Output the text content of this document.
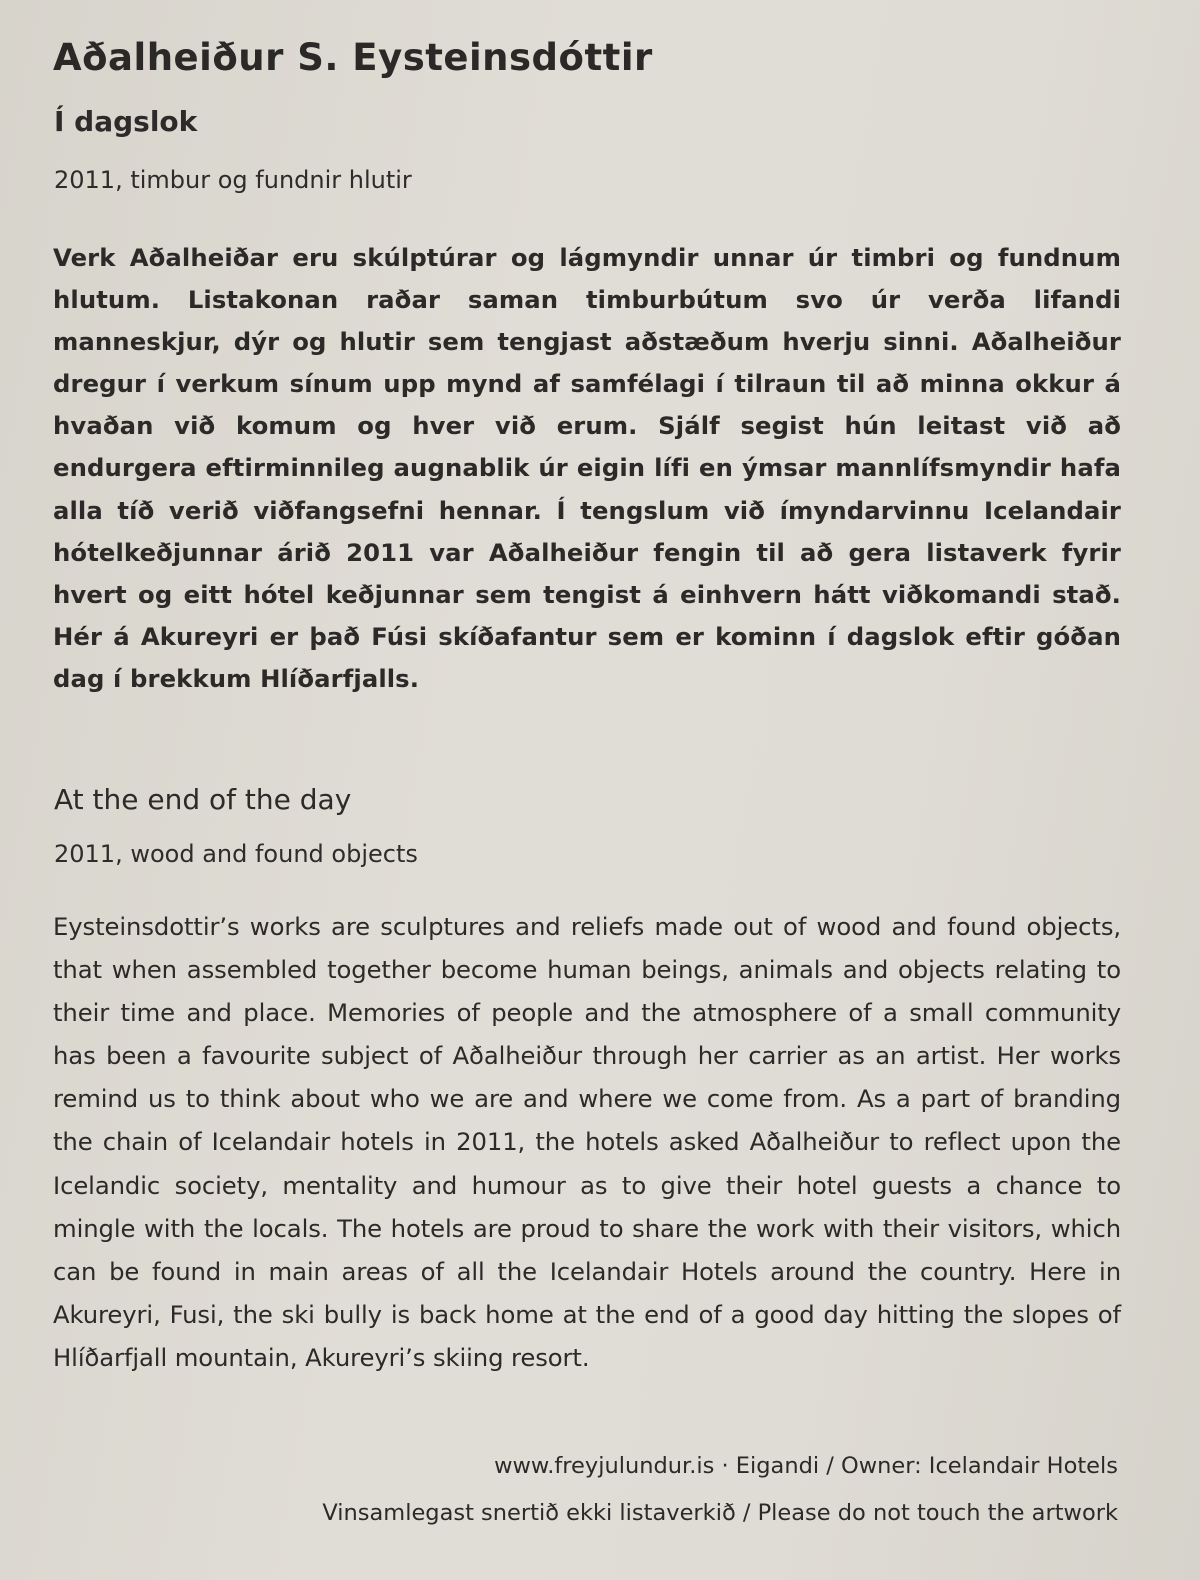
Aðalheiður S. Eysteinsdóttir
Í dagslok

2011, timbur og fundnir hlutir

Verk Aðalheiðar eru skúlptúrar og lágmyndir unnar úr timbri og fundnum hlutum. Listakonan raðar saman timburbútum svo úr verða lifandi manneskjur, dýr og hlutir sem tengjast aðstæðum hverju sinni. Aðalheiður dregur í verkum sínum upp mynd af samfélagi í tilraun til að minna okkur á hvaðan við komum og hver við erum. Sjálf segist hún leitast við að endurgera eftirminnileg augnablik úr eigin lífi en ýmsar mannlífsmyndir hafa alla tíð verið viðfangsefni hennar. Í tengslum við ímyndarvinnu Icelandair hótelkeðjunnar árið 2011 var Aðalheiður fengin til að gera listaverk fyrir hvert og eitt hótel keðjunnar sem tengist á einhvern hátt viðkomandi stað. Hér á Akureyri er það Fúsi skíðafantur sem er kominn í dagslok eftir góðan dag í brekkum Hlíðarfjalls.

At the end of the day

2011, wood and found objects

Eysteinsdottir’s works are sculptures and reliefs made out of wood and found objects, that when assembled together become human beings, animals and objects relating to their time and place. Memories of people and the atmosphere of a small community has been a favourite subject of Aðalheiður through her carrier as an artist. Her works remind us to think about who we are and where we come from. As a part of branding the chain of Icelandair hotels in 2011, the hotels asked Aðalheiður to reflect upon the Icelandic society, mentality and humour as to give their hotel guests a chance to mingle with the locals. The hotels are proud to share the work with their visitors, which can be found in main areas of all the Icelandair Hotels around the country. Here in Akureyri, Fusi, the ski bully is back home at the end of a good day hitting the slopes of Hlíðarfjall mountain, Akureyri’s skiing resort.

www.freyjulundur.is · Eigandi / Owner: Icelandair Hotels

Vinsamlegast snertið ekki listaverkið / Please do not touch the artwork
